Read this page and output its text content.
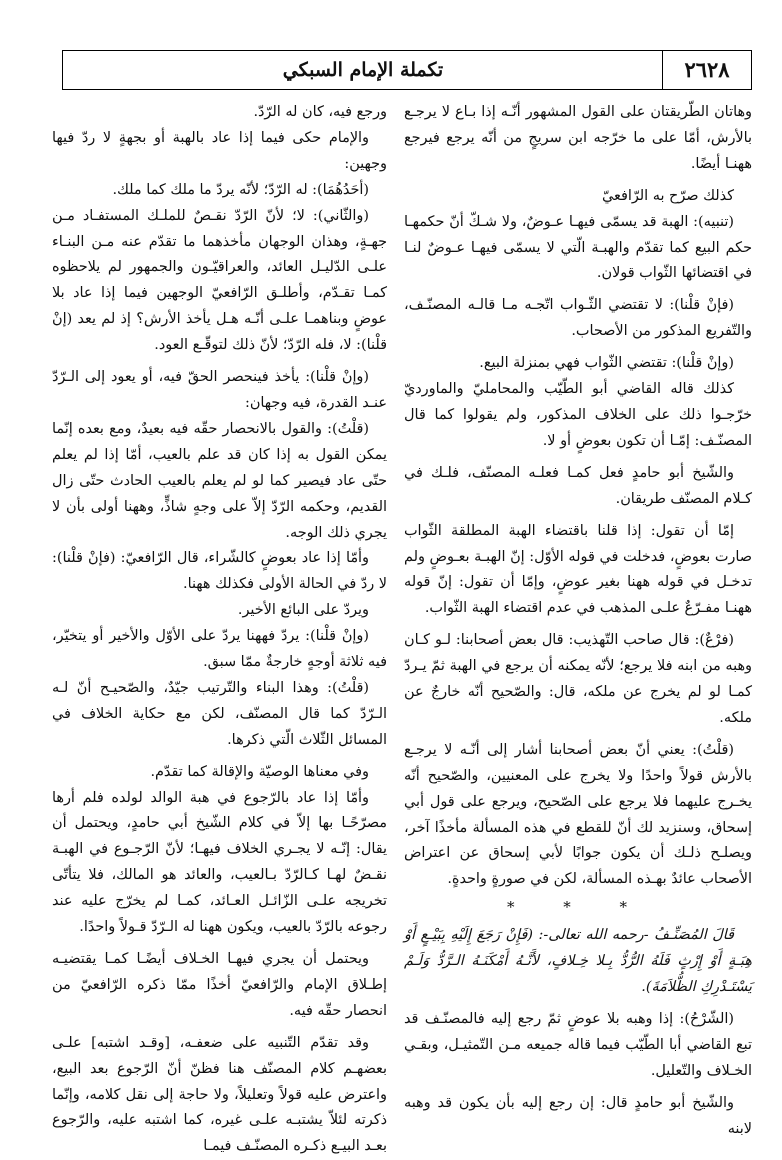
٢٦٢٨
تكملة الإمام السبكي

وهاتان الطّريقتان على القول المشهور أنّـه إذا بـاع لا يرجـع بالأرش، أمّا على ما خرّجه ابن سريجٍ من أنّه يرجع فيرجع ههنـا أيضًا.

كذلك صرّح به الرّافعيّ

(تنبيه): الهبة قد يسمّى فيهـا عـوضٌ، ولا شـكّ أنّ حكمهـا حكم البيع كما تقدّم والهبـة الّتي لا يسمّى فيهـا عـوضٌ لنـا في اقتضائها الثّواب قولان.

(فإنْ قلْنا): لا تقتضي الثّـواب اتّجـه مـا قالـه المصنّـف، والتّفريع المذكور من الأصحاب.

(وإنْ قلْنا): تقتضي الثّواب فهي بمنزلة البيع.

كذلك قاله القاضي أبو الطّيّب والمحامليّ والماورديّ خرّجـوا ذلك على الخلاف المذكور، ولم يقولوا كما قال المصنّـف: إمّـا أن تكون بعوضٍ أو لا.

والشّيخ أبو حامدٍ فعل كمـا فعلـه المصنّف، فلـك في كـلام المصنّف طريقان.

إمّا أن تقول: إذا قلنا باقتضاء الهبة المطلقة الثّواب صارت بعوضٍ، فدخلت في قوله الأوّل: إنّ الهبـة بعـوضٍ ولم تدخـل في قوله ههنا بغير عوضٍ، وإمّا أن تقول: إنّ قوله ههنـا مفـرّعٌ علـى المذهب في عدم اقتضاء الهبة الثّواب.

(فرْعٌ): قال صاحب التّهذيب: قال بعض أصحابنا: لـو كـان وهبه من ابنه فلا يرجع؛ لأنّه يمكنه أن يرجع في الهبة ثمّ يـردّ كمـا لو لم يخرج عن ملكه، قال: والصّحيح أنّه خارجٌ عن ملكه.

(قلْتُ): يعني أنّ بعض أصحابنا أشار إلى أنّـه لا يرجـع بالأرش قولاً واحدًا ولا يخرج على المعنيين، والصّحيح أنّه يخـرج عليهما فلا يرجع على الصّحيح، ويرجع على قول أبي إسحاق، وسنزيد لك أنّ للقطع في هذه المسألة مأخذًا آخر، ويصلـح ذلـك أن يكون جوابًا لأبي إسحاق عن اعتراض الأصحاب عائدٌ بهـذه المسألة، لكن في صورةٍ واحدةٍ.

* * *

قَالَ المُصَنِّـفُ -رحمه الله تعالى-: (فَإِنْ رَجَعَ إِلَيْهِ بِبَيْـعٍ أَوْ هِبَـةٍ أَوْ إِرْثٍ فَلَهُ الرُّدُّ بِـلا خِـلافٍ، لأَنَّـهُ أَمْكَنَـهُ الـرَّدُّ وَلَـمْ يَسْتَـدْرِكِ الظُّلاَمَةَ).

(الشّرْحُ): إذا وهبه بلا عوضٍ ثمّ رجع إليه فالمصنّـف قد تبع القاضي أبا الطّيّب فيما قاله جميعه مـن التّمثيـل، وبقـي الخـلاف والتّعليل.

والشّيخ أبو حامدٍ قال: إن رجع إليه بأن يكون قد وهبه لابنه

ورجع فيه، كان له الرّدّ.

والإمام حكى فيما إذا عاد بالهبة أو بجهةٍ لا ردّ فيها وجهين:

(أحَدُهُمَا): له الرّدّ؛ لأنّه يردّ ما ملك كما ملك.

(والثّاني): لا؛ لأنّ الرّدّ نقـصٌ للملـك المستفـاد مـن جهـةٍ، وهذان الوجهان مأخذهما ما تقدّم عنه مـن البنـاء علـى الدّليـل العائد، والعراقيّـون والجمهور لم يلاحظوه كمـا تقـدّم، وأطلـق الرّافعيّ الوجهين فيما إذا عاد بلا عوضٍ وبناهمـا علـى أنّـه هـل يأخذ الأرش؟ إذ لم يعد (إنْ قلْنا): لا، فله الرّدّ؛ لأنّ ذلك لتوقّـع العود.

(وإنْ قلْنا): يأخذ فينحصر الحقّ فيه، أو يعود إلى الـرّدّ عنـد القدرة، فيه وجهان:

(قلْتُ): والقول بالانحصار حقّه فيه بعيدٌ، ومع بعده إنّما يمكن القول به إذا كان قد علم بالعيب، أمّا إذا لم يعلم حتّى عاد فيصير كما لو لم يعلم بالعيب الحادث حتّى زال القديم، وحكمه الرّدّ إلاّ على وجهٍ شاذٍّ، وههنا أولى بأن لا يجري ذلك الوجه.

وأمّا إذا عاد بعوضٍ كالشّراء، قال الرّافعيّ: (فإنْ قلْنا): لا ردّ في الحالة الأولى فكذلك ههنا.

ويردّ على البائع الأخير.

(وإنْ قلْنا): يردّ فههنا يردّ على الأوّل والأخير أو يتخيّر، فيه ثلاثة أوجهٍ خارجةٌ ممّا سبق.

(قلْتُ): وهذا البناء والتّرتيب جيّدٌ، والصّحيـح أنّ لـه الـرّدّ كما قال المصنّف، لكن مع حكاية الخلاف في المسائل الثّلاث الّتي ذكرها.

وفي معناها الوصيّة والإقالة كما تقدّم.

وأمّا إذا عاد بالرّجوع في هبة الوالد لولده فلم أرها مصرّحًـا بها إلاّ في كلام الشّيخ أبي حامدٍ، ويحتمل أن يقال: إنّـه لا يجـري الخلاف فيهـا؛ لأنّ الرّجـوع في الهبـة نقـضٌ لهـا كـالرّدّ بـالعيب، والعائد هو المالك، فلا يتأتّى تخريجه علـى الزّائـل العـائد، كمـا لم يخرّج عليه عند رجوعه بالرّدّ بالعيب، ويكون ههنا له الـرّدّ قـولاً واحدًا.

ويحتمل أن يجري فيهـا الخـلاف أيضًـا كمـا يقتضيـه إطـلاق الإمام والرّافعيّ أخذًا ممّا ذكره الرّافعيّ من انحصار حقّه فيه.

وقد تقدّم التّنبيه على ضعفـه، [وقـد اشتبه] علـى بعضهـم كلام المصنّف هنا فظنّ أنّ الرّجوع بعد البيع، واعترض عليه قولاً وتعليلاً، ولا حاجة إلى نقل كلامه، وإنّما ذكرته لئلاّ يشتبـه علـى غيره، كما اشتبه عليه، والرّجوع بعـد البيـع ذكـره المصنّـف فيمـا
